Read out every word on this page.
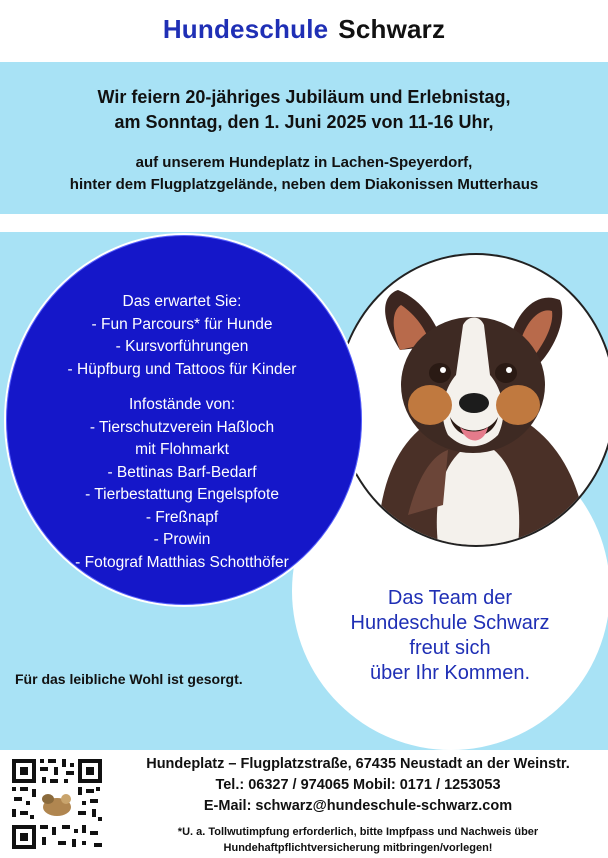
Hundeschule Schwarz
Wir feiern 20-jähriges Jubiläum und Erlebnistag,
am Sonntag, den 1. Juni 2025 von 11-16 Uhr,
auf unserem Hundeplatz in Lachen-Speyerdorf,
hinter dem Flugplatzgelände, neben dem Diakonissen Mutterhaus
Das Team der
Hundeschule Schwarz
freut sich
über Ihr Kommen.
Das erwartet Sie:
- Fun Parcours* für Hunde
- Kursvorführungen
- Hüpfburg und Tattoos für Kinder
Infostände von:
- Tierschutzverein Haßloch
mit Flohmarkt
- Bettinas Barf-Bedarf
- Tierbestattung Engelspfote
- Freßnapf
- Prowin
- Fotograf Matthias Schotthöfer
Für das leibliche Wohl ist gesorgt.
Hundeplatz – Flugplatzstraße, 67435 Neustadt an der Weinstr.
Tel.: 06327 / 974065 Mobil: 0171 / 1253053
E-Mail: schwarz@hundeschule-schwarz.com
*U. a. Tollwutimpfung erforderlich, bitte Impfpass und Nachweis über
Hundehaftpflichtversicherung mitbringen/vorlegen!
